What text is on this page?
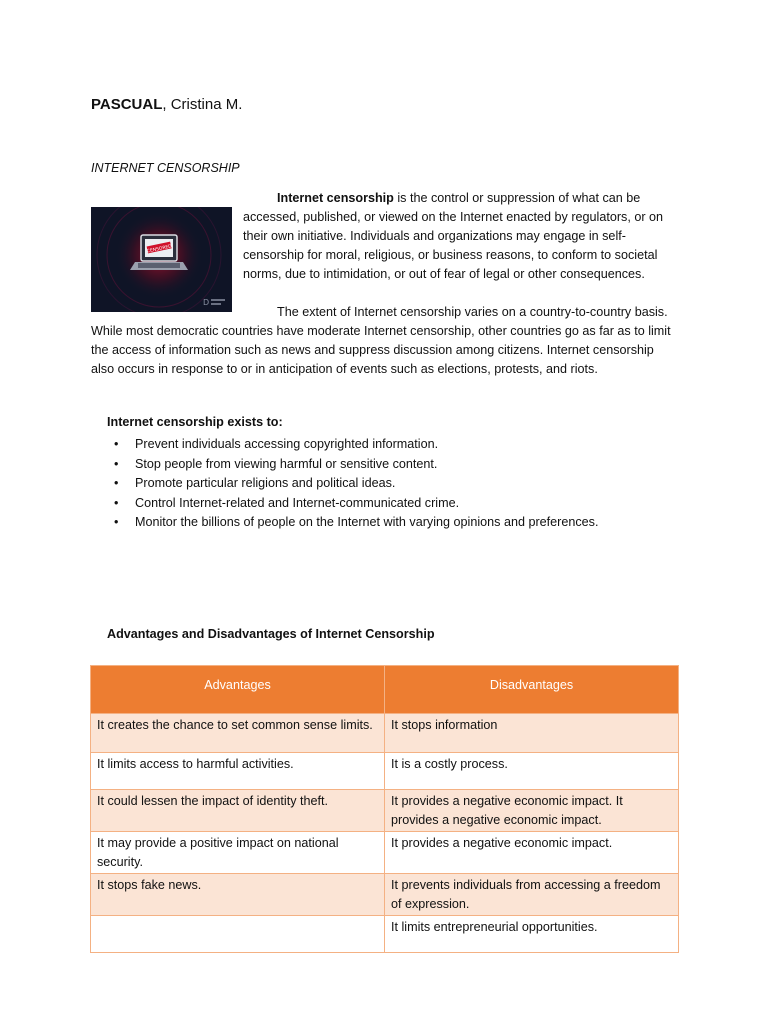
PASCUAL, Cristina M.
INTERNET CENSORSHIP
CENSORED
D
Internet censorship is the control or suppression of what can be accessed, published, or viewed on the Internet enacted by regulators, or on their own initiative. Individuals and organizations may engage in self-censorship for moral, religious, or business reasons, to conform to societal norms, due to intimidation, or out of fear of legal or other consequences.
The extent of Internet censorship varies on a country-to-country basis. While most democratic countries have moderate Internet censorship, other countries go as far as to limit the access of information such as news and suppress discussion among citizens. Internet censorship also occurs in response to or in anticipation of events such as elections, protests, and riots.
Internet censorship exists to:
• Prevent individuals accessing copyrighted information.
• Stop people from viewing harmful or sensitive content.
• Promote particular religions and political ideas.
• Control Internet-related and Internet-communicated crime.
• Monitor the billions of people on the Internet with varying opinions and preferences.
Advantages and Disadvantages of Internet Censorship
Advantages	Disadvantages
It creates the chance to set common sense limits.	It stops information
It limits access to harmful activities.	It is a costly process.
It could lessen the impact of identity theft.	It provides a negative economic impact. It provides a negative economic impact.
It may provide a positive impact on national security.	It provides a negative economic impact.
It stops fake news.	It prevents individuals from accessing a freedom of expression.
	It limits entrepreneurial opportunities.
